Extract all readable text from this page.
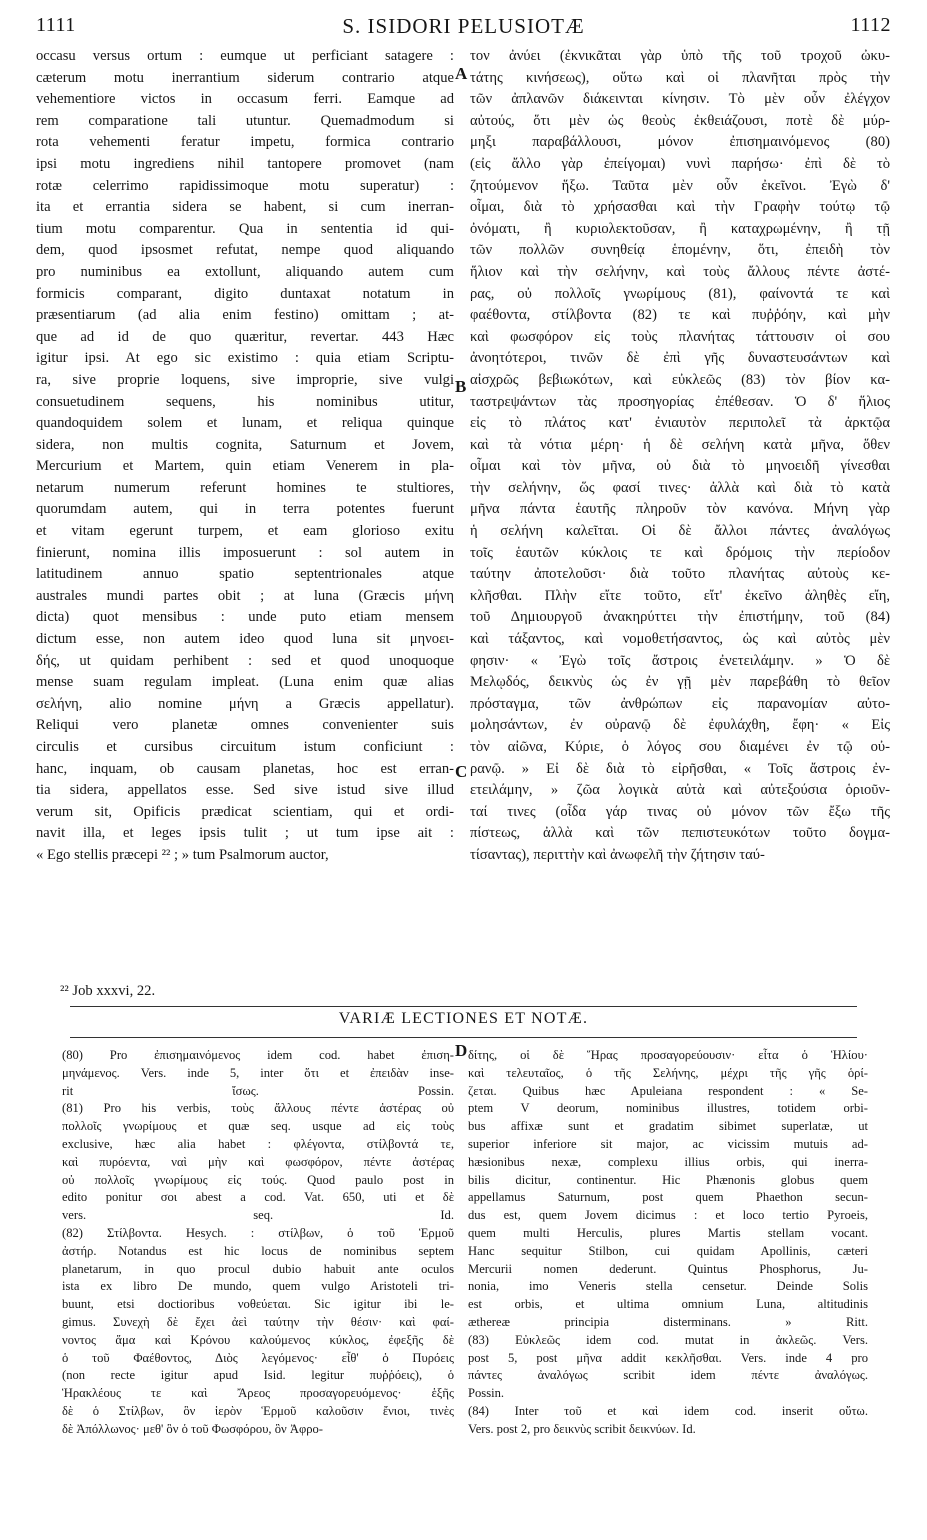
1111	S. ISIDORI PELUSIOTÆ	1112
occasu versus ortum : eumque ut perficiant satagere :
cæterum motu inerrantium siderum contrario atque
vehementiore victos in occasum ferri. Eamque ad
rem comparatione tali utuntur. Quemadmodum si
rota vehementi feratur impetu, formica contrario
ipsi motu ingrediens nihil tantopere promovet (nam
rotæ celerrimo rapidissimoque motu superatur) :
ita et errantia sidera se habent, si cum inerran-
tium motu comparentur. Qua in sententia id qui-
dem, quod ipsosmet refutat, nempe quod aliquando
pro numinibus ea extollunt, aliquando autem cum
formicis comparant, digito duntaxat notatum in
præsentiarum (ad alia enim festino) omittam ; at-
que ad id de quo quæritur, revertar. 443 Hæc
igitur ipsi. At ego sic existimo : quia etiam Scriptu-
ra, sive proprie loquens, sive improprie, sive vulgi
consuetudinem sequens, his nominibus utitur,
quandoquidem solem et lunam, et reliqua quinque
sidera, non multis cognita, Saturnum et Jovem,
Mercurium et Martem, quin etiam Venerem in pla-
netarum numerum referunt homines te stultiores,
quorumdam autem, qui in terra potentes fuerunt
et vitam egerunt turpem, et eam glorioso exitu
finierunt, nomina illis imposuerunt : sol autem in
latitudinem annuo spatio septentrionales atque
australes mundi partes obit ; at luna (Græcis μήνη
dicta) quot mensibus : unde puto etiam mensem
dictum esse, non autem ideo quod luna sit μηνοει-
δής, ut quidam perhibent : sed et quod unoquoque
mense suam regulam impleat. (Luna enim quæ alias
σελήνη, alio nomine μήνη a Græcis appellatur).
Reliqui vero planetæ omnes convenienter suis
circulis et cursibus circuitum istum conficiunt :
hanc, inquam, ob causam planetas, hoc est erran-
tia sidera, appellatos esse. Sed sive istud sive illud
verum sit, Opificis prædicat scientiam, qui et ordi-
navit illa, et leges ipsis tulit ; ut tum ipse ait :
« Ego stellis præcepi ²² ; » tum Psalmorum auctor,
τον ἀνύει (ἐκνικᾶται γὰρ ὑπὸ τῆς τοῦ τροχοῦ ὠκυ-
τάτης κινήσεως), οὕτω καὶ οἱ πλανῆται πρὸς τὴν
τῶν ἀπλανῶν διάκεινται κίνησιν. Τὸ μὲν οὖν ἐλέγχον
αὐτούς, ὅτι μὲν ὡς θεοὺς ἐκθειάζουσι, ποτὲ δὲ μύρ-
μηξι παραβάλλουσι, μόνον ἐπισημαινόμενος (80)
(εἰς ἄλλο γὰρ ἐπείγομαι) νυνὶ παρήσω· ἐπὶ δὲ τὸ
ζητούμενον ἥξω. Ταῦτα μὲν οὖν ἐκεῖνοι. Ἐγὼ δ'
οἶμαι, διὰ τὸ χρήσασθαι καὶ τὴν Γραφὴν τούτῳ τῷ
ὀνόματι, ἢ κυριολεκτοῦσαν, ἢ καταχρωμένην, ἢ τῇ
τῶν πολλῶν συνηθείᾳ ἑπομένην, ὅτι, ἐπειδὴ τὸν
ἥλιον καὶ τὴν σελήνην, καὶ τοὺς ἄλλους πέντε ἀστέ-
ρας, οὐ πολλοῖς γνωρίμους (81), φαίνοντά τε καὶ
φαέθοντα, στίλβοντα (82) τε καὶ πυῤῥόην, καὶ μὴν
καὶ φωσφόρον εἰς τοὺς πλανήτας τάττουσιν οἱ σου
ἀνοητότεροι, τινῶν δὲ ἐπὶ γῆς δυναστευσάντων καὶ
αἰσχρῶς βεβιωκότων, καὶ εὐκλεῶς (83) τὸν βίον κα-
ταστρεψάντων τὰς προσηγορίας ἐπέθεσαν. Ὁ δ' ἥλιος
εἰς τὸ πλάτος κατ' ἐνιαυτὸν περιπολεῖ τὰ ἀρκτῷα
καὶ τὰ νότια μέρη· ἡ δὲ σελήνη κατὰ μῆνα, ὅθεν
οἶμαι καὶ τὸν μῆνα, οὐ διὰ τὸ μηνοειδῆ γίνεσθαι
τὴν σελήνην, ὥς φασί τινες· ἀλλὰ καὶ διὰ τὸ κατὰ
μῆνα πάντα ἑαυτῆς πληροῦν τὸν κανόνα. Μήνη γὰρ
ἡ σελήνη καλεῖται. Οἱ δὲ ἄλλοι πάντες ἀναλόγως
τοῖς ἑαυτῶν κύκλοις τε καὶ δρόμοις τὴν περίοδον
ταύτην ἀποτελοῦσι· διὰ τοῦτο πλανήτας αὐτοὺς κε-
κλῆσθαι. Πλὴν εἴτε τοῦτο, εἴτ' ἐκεῖνο ἀληθὲς εἴη,
τοῦ Δημιουργοῦ ἀνακηρύττει τὴν ἐπιστήμην, τοῦ (84)
καὶ τάξαντος, καὶ νομοθετήσαντος, ὡς καὶ αὐτὸς μὲν
φησιν· « Ἐγὼ τοῖς ἄστροις ἐνετειλάμην. » Ὁ δὲ
Μελῳδός, δεικνὺς ὡς ἐν γῇ μὲν παρεβάθη τὸ θεῖον
πρόσταγμα, τῶν ἀνθρώπων εἰς παρανομίαν αὐτο-
μολησάντων, ἐν οὐρανῷ δὲ ἐφυλάχθη, ἔφη· « Εἰς
τὸν αἰῶνα, Κύριε, ὁ λόγος σου διαμένει ἐν τῷ οὐ-
ρανῷ. » Εἰ δὲ διὰ τὸ εἰρῆσθαι, « Τοῖς ἄστροις ἐν-
ετειλάμην, » ζῶα λογικὰ αὐτὰ καὶ αὐτεξούσια ὁριοῦν-
ταί τινες (οἶδα γάρ τινας οὐ μόνον τῶν ἔξω τῆς
πίστεως, ἀλλὰ καὶ τῶν πεπιστευκότων τοῦτο δογμα-
τίσαντας), περιττὴν καὶ ἀνωφελῆ τὴν ζήτησιν ταύ-
A
B
C
D
²² Job xxxvi, 22.
VARIÆ LECTIONES ET NOTÆ.
(80) Pro ἐπισημαινόμενος idem cod. habet ἐπιση-
μηνάμενος. Vers. inde 5, inter ὅτι et ἐπειδὰν inse-
rit ἴσως. Possin.
(81) Pro his verbis, τοὺς ἄλλους πέντε ἀστέρας οὐ
πολλοῖς γνωρίμους et quæ seq. usque ad εἰς τοὺς
exclusive, hæc alia habet : φλέγοντα, στίλβοντά τε,
καὶ πυρόεντα, ναὶ μὴν καὶ φωσφόρον, πέντε ἀστέρας
οὐ πολλοῖς γνωρίμους εἰς τούς. Quod paulo post in
edito ponitur σοι abest a cod. Vat. 650, uti et δὲ
vers. seq. Id.
(82) Στίλβοντα. Hesych. : στίλβων, ὁ τοῦ Ἑρμοῦ
ἀστήρ. Notandus est hic locus de nominibus septem
planetarum, in quo procul dubio habuit ante oculos
ista ex libro De mundo, quem vulgo Aristoteli tri-
buunt, etsi doctioribus νοθεύεται. Sic igitur ibi le-
gimus. Συνεχὴ δὲ ἔχει ἀεὶ ταύτην τὴν θέσιν· καὶ φαί-
νοντος ἅμα καὶ Κρόνου καλούμενος κύκλος, ἐφεξῆς δὲ
ὁ τοῦ Φαέθοντος, Διὸς λεγόμενος· εἶθ' ὁ Πυρόεις
(non recte igitur apud Isid. legitur πυῤῥόεις), ὁ
Ἡρακλέους τε καὶ Ἄρεος προσαγορευόμενος· ἑξῆς
δὲ ὁ Στίλβων, ὃν ἱερὸν Ἑρμοῦ καλοῦσιν ἔνιοι, τινὲς
δὲ Ἀπόλλωνος· μεθ' ὃν ὁ τοῦ Φωσφόρου, ὃν Ἀφρο-
δίτης, οἱ δὲ Ἥρας προσαγορεύουσιν· εἶτα ὁ Ἡλίου·
καὶ τελευταῖος, ὁ τῆς Σελήνης, μέχρι τῆς γῆς ὁρί-
ζεται. Quibus hæc Apuleiana respondent : « Se-
ptem V deorum, nominibus illustres, totidem orbi-
bus affixæ sunt et gradatim sibimet superlatæ, ut
superior inferiore sit major, ac vicissim mutuis ad-
hæsionibus nexæ, complexu illius orbis, qui inerra-
bilis dicitur, continentur. Hic Phænonis globus quem
appellamus Saturnum, post quem Phaethon secun-
dus est, quem Jovem dicimus : et loco tertio Pyroeis,
quem multi Herculis, plures Martis stellam vocant.
Hanc sequitur Stilbon, cui quidam Apollinis, cæteri
Mercurii nomen dederunt. Quintus Phosphorus, Ju-
nonia, imo Veneris stella censetur. Deinde Solis
est orbis, et ultima omnium Luna, altitudinis
æthereæ principia disterminans. » Ritt.
(83) Εὐκλεῶς idem cod. mutat in ἀκλεῶς. Vers.
post 5, post μῆνα addit κεκλῆσθαι. Vers. inde 4 pro
πάντες ἀναλόγως scribit idem πέντε ἀναλόγως.
Possin.
(84) Inter τοῦ et καὶ idem cod. inserit οὕτω.
Vers. post 2, pro δεικνὺς scribit δεικνύων. Id.
